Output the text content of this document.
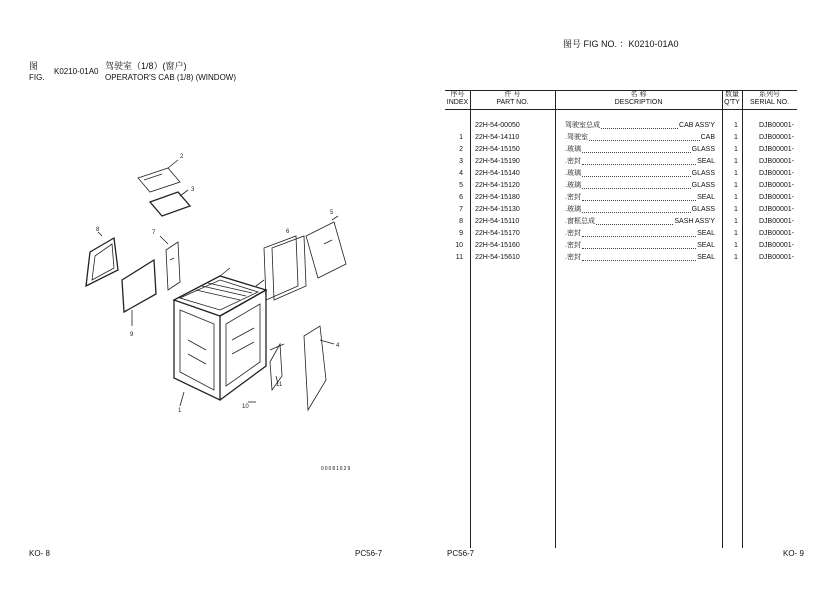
图
FIG.
K0210-01A0
驾驶室（1/8）(窗户)
OPERATOR'S CAB (1/8) (WINDOW)
2
3
8	7	6
5
9
4
11
10
1
00081629
KO- 8	PC56-7
图号 FIG NO. ：K0210-01A0
序号
INDEX
件 号
PART NO.
名 称
DESCRIPTION
数量
Q'TY
系列号
SERIAL NO.
22H-54-00050	驾驶室总成	CAB ASS'Y	1	DJB00001-
1 22H-54-14110	.驾驶室	CAB	1	DJB00001-
2 22H-54-15150	.玻璃	GLASS	1	DJB00001-
3 22H-54-15190	.密封	SEAL	1	DJB00001-
4 22H-54-15140	.玻璃	GLASS	1	DJB00001-
5 22H-54-15120	.玻璃	GLASS	1	DJB00001-
6 22H-54-15180	.密封	SEAL	1	DJB00001-
7 22H-54-15130	.玻璃	GLASS	1	DJB00001-
8 22H-54-15110	.窗框总成	SASH ASS'Y	1	DJB00001-
9 22H-54-15170	.密封	SEAL	1	DJB00001-
10 22H-54-15160	.密封	SEAL	1	DJB00001-
11 22H-54-15610	.密封	SEAL	1	DJB00001-
PC56-7	KO- 9
